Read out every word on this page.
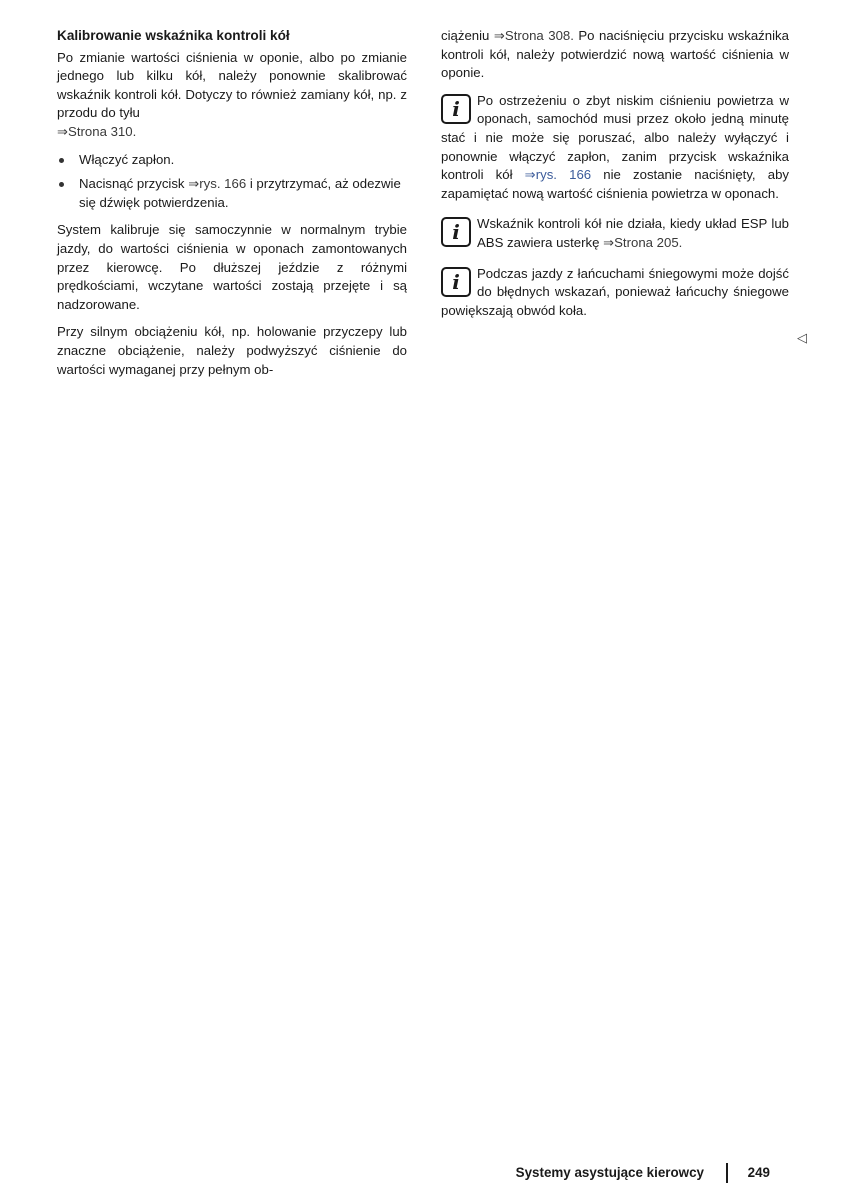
Kalibrowanie wskaźnika kontroli kół

Po zmianie wartości ciśnienia w oponie, albo po zmianie jednego lub kilku kół, należy ponownie skalibrować wskaźnik kontroli kół. Dotyczy to również zamiany kół, np. z przodu do tyłu
⇒Strona 310.

Włączyć zapłon.
Nacisnąć przycisk ⇒rys. 166 i przytrzymać, aż odezwie się dźwięk potwierdzenia.

System kalibruje się samoczynnie w normalnym trybie jazdy, do wartości ciśnienia w oponach zamontowanych przez kierowcę. Po dłuższej jeździe z różnymi prędkościami, wczytane wartości zostają przejęte i są nadzorowane.

Przy silnym obciążeniu kół, np. holowanie przyczepy lub znaczne obciążenie, należy podwyższyć ciśnienie do wartości wymaganej przy pełnym ob-

ciążeniu ⇒Strona 308. Po naciśnięciu przycisku wskaźnika kontroli kół, należy potwierdzić nową wartość ciśnienia w oponie.

i	Po ostrzeżeniu o zbyt niskim ciśnieniu powietrza w oponach, samochód musi przez około jedną minutę stać i nie może się poruszać, albo należy wyłączyć i ponownie włączyć zapłon, zanim przycisk wskaźnika kontroli kół ⇒rys. 166 nie zostanie naciśnięty, aby zapamiętać nową wartość ciśnienia powietrza w oponach.

i	Wskaźnik kontroli kół nie działa, kiedy układ ESP lub ABS zawiera usterkę ⇒Strona 205.

i	Podczas jazdy z łańcuchami śniegowymi może dojść do błędnych wskazań, ponieważ łańcuchy śniegowe powiększają obwód koła.

◁
Systemy asystujące kierowcy	249
